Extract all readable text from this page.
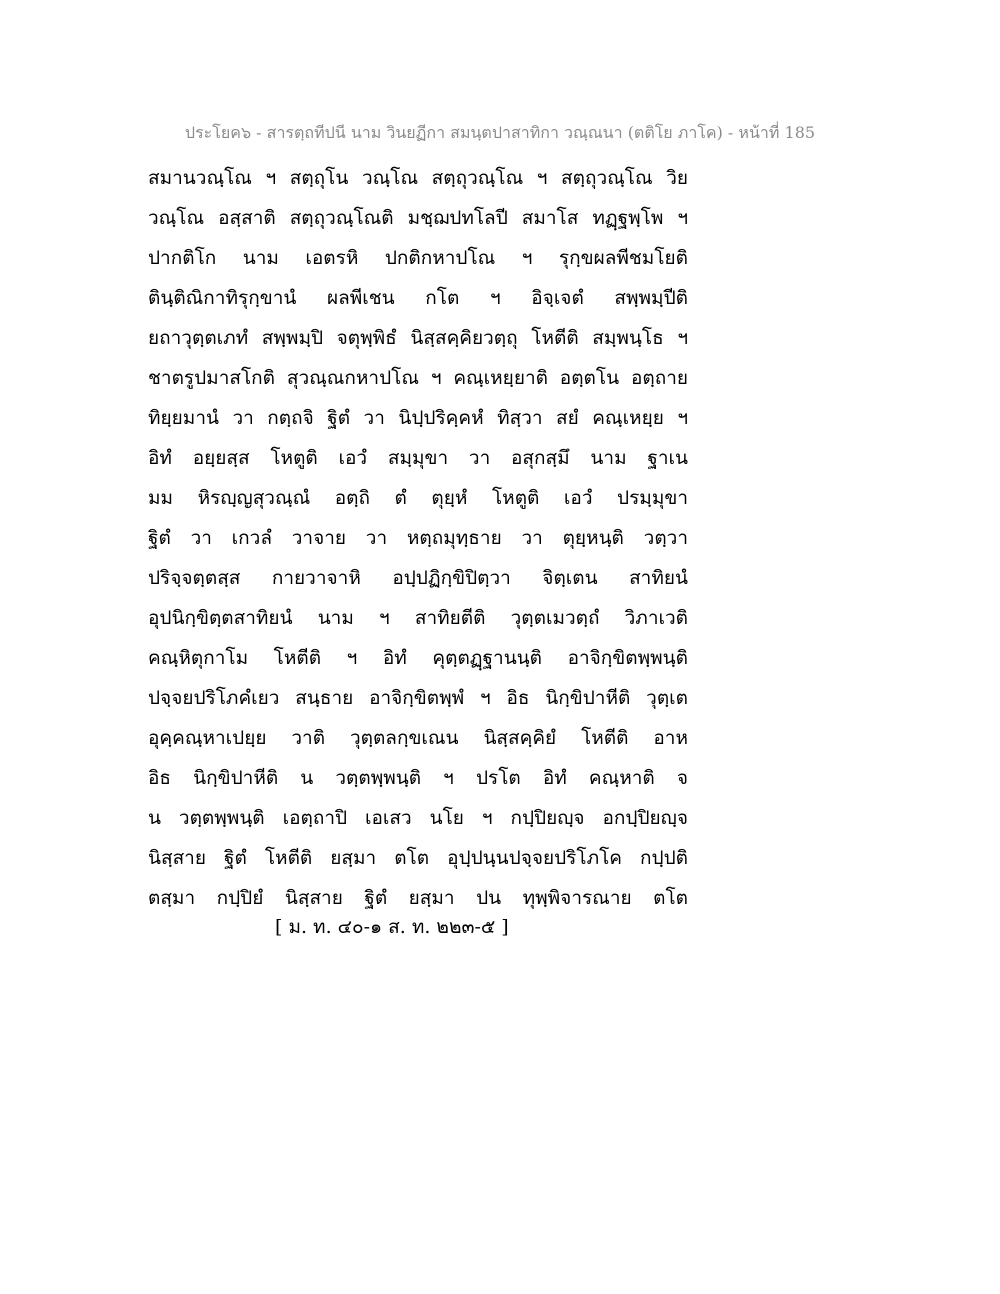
ประโยค๖ - สารตฺถทีปนี นาม วินยฏีกา สมนฺตปาสาทิกา วณฺณนา (ตติโย ภาโค) - หน้าที่ 185
สมานวณฺโณ ฯ สตฺถุโน วณฺโณ สตฺถุวณฺโณ ฯ สตฺถุวณฺโณ วิย
วณฺโณ อสฺสาติ สตฺถุวณฺโณติ มชฺฌปทโลปี สมาโส ทฏฺฐพฺโพ ฯ
ปากติโก นาม เอตรหิ ปกติกหาปโณ ฯ รุกฺขผลพีชมโยติ
ตินฺติณิกาทิรุกฺขานํ ผลพีเชน กโต ฯ อิจฺเจตํ สพฺพมฺปีติ
ยถาวุตฺตเภทํ สพฺพมฺปิ จตุพฺพิธํ นิสฺสคฺคิยวตฺถุ โหตีติ สมฺพนฺโธ ฯ
ชาตรูปมาสโกติ สุวณฺณกหาปโณ ฯ คณฺเหยฺยาติ อตฺตโน อตฺถาย
ทิยฺยมานํ วา กตฺถจิ ฐิตํ วา นิปฺปริคฺคหํ ทิสฺวา สยํ คณฺเหยฺย ฯ
อิทํ อยฺยสฺส โหตูติ เอวํ สมฺมุขา วา อสุกสฺมึ นาม ฐาเน
มม หิรญฺญสุวณฺณํ อตฺถิ ตํ ตุยฺหํ โหตูติ เอวํ ปรมฺมุขา
ฐิตํ วา เกวลํ วาจาย วา หตฺถมุทฺธาย วา ตุยฺหนฺติ วตฺวา
ปริจฺจตฺตสฺส กายวาจาหิ อปฺปฏิกฺขิปิตฺวา จิตฺเตน สาทิยนํ
อุปนิกฺขิตฺตสาทิยนํ นาม ฯ สาทิยตีติ วุตฺตเมวตฺถํ วิภาเวติ
คณฺหิตุกาโม โหตีติ ฯ อิทํ คุตฺตฏฺฐานนฺติ อาจิกฺขิตพฺพนฺติ
ปจฺจยปริโภคํเยว สนฺธาย อาจิกฺขิตพฺพํ ฯ อิธ นิกฺขิปาหีติ วุตฺเต
อุคฺคณฺหาเปยฺย วาติ วุตฺตลกฺขเณน นิสฺสคฺคิยํ โหตีติ อาห
อิธ นิกฺขิปาหีติ น วตฺตพฺพนฺติ ฯ ปรโต อิทํ คณฺหาติ จ
น วตฺตพฺพนฺติ เอตฺถาปิ เอเสว นโย ฯ กปฺปิยญฺจ อกปฺปิยญฺจ
นิสฺสาย ฐิตํ โหตีติ ยสฺมา ตโต อุปฺปนฺนปจฺจยปริโภโค กปฺปติ
ตสฺมา กปฺปิยํ นิสฺสาย ฐิตํ ยสฺมา ปน ทุพฺพิจารณาย ตโต
[ ม. ท. ๔๐-๑ ส. ท. ๒๒๓-๕ ]
